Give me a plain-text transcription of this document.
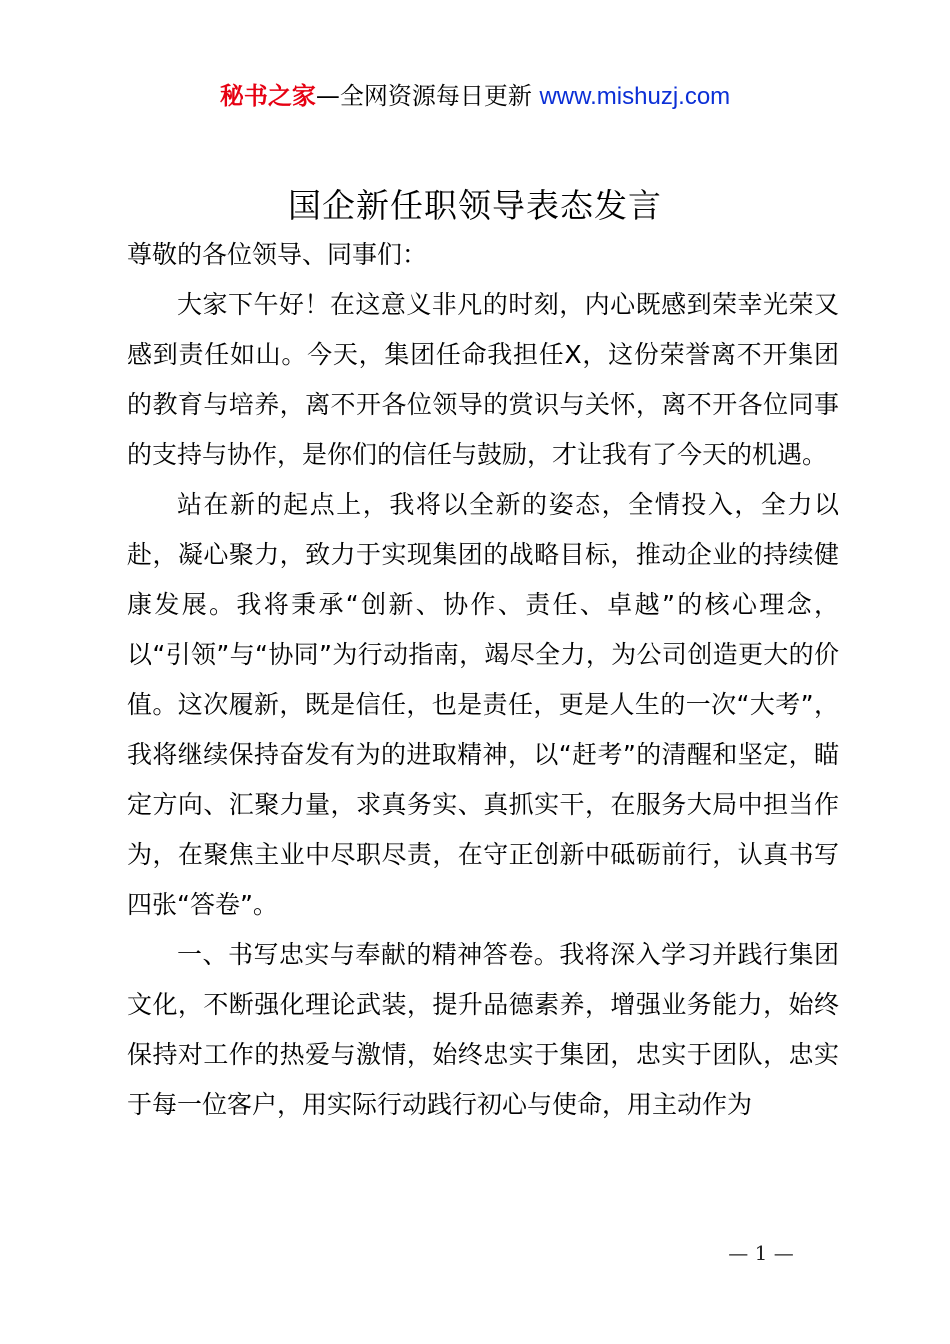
秘书之家—全网资源每日更新 www.mishuzj.com
国企新任职领导表态发言

尊敬的各位领导、同事们：

大家下午好！在这意义非凡的时刻，内心既感到荣幸光荣又感到责任如山。今天，集团任命我担任X，这份荣誉离不开集团的教育与培养，离不开各位领导的赏识与关怀，离不开各位同事的支持与协作，是你们的信任与鼓励，才让我有了今天的机遇。

站在新的起点上，我将以全新的姿态，全情投入，全力以赴，凝心聚力，致力于实现集团的战略目标，推动企业的持续健康发展。我将秉承“创新、协作、责任、卓越”的核心理念，以“引领”与“协同”为行动指南，竭尽全力，为公司创造更大的价值。这次履新，既是信任，也是责任，更是人生的一次“大考”，我将继续保持奋发有为的进取精神，以“赶考”的清醒和坚定，瞄定方向、汇聚力量，求真务实、真抓实干，在服务大局中担当作为，在聚焦主业中尽职尽责，在守正创新中砥砺前行，认真书写四张“答卷”。

一、书写忠实与奉献的精神答卷。我将深入学习并践行集团文化，不断强化理论武装，提升品德素养，增强业务能力，始终保持对工作的热爱与激情，始终忠实于集团，忠实于团队，忠实于每一位客户，用实际行动践行初心与使命，用主动作为

— 1 —
